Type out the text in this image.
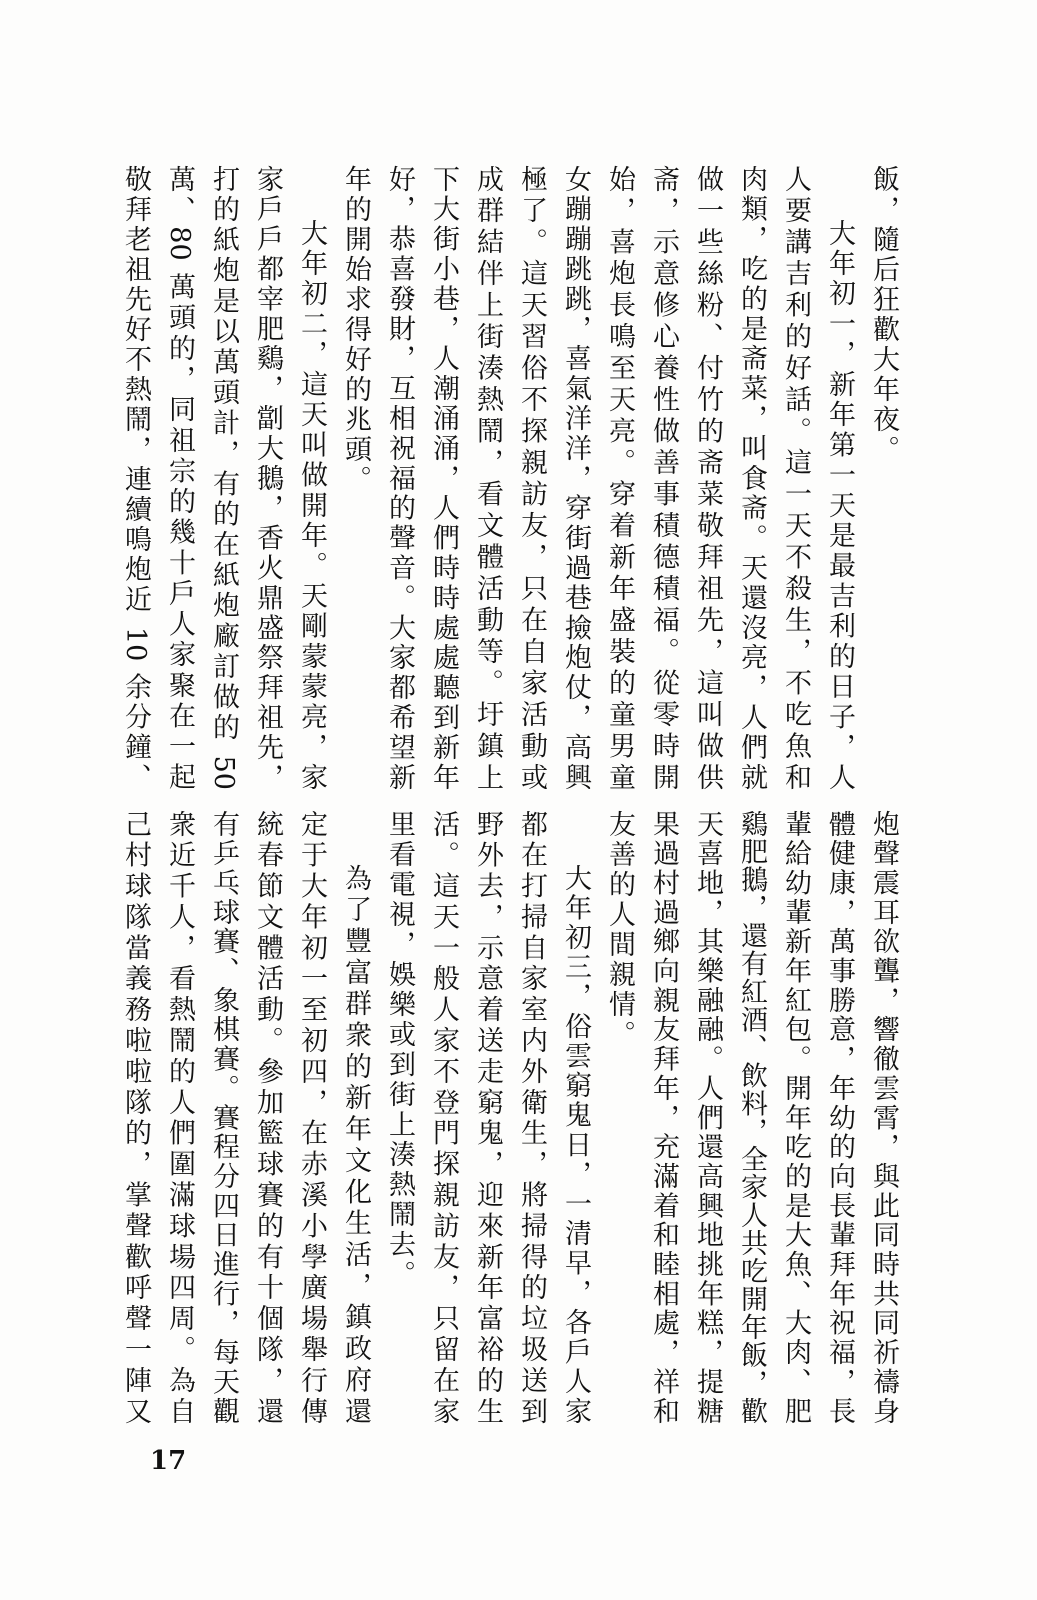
飯，隨后狂歡大年夜。
大年初一，新年第一天是最吉利的日子，人
人要講吉利的好話。這一天不殺生，不吃魚和
肉類，吃的是斋菜，叫食斋。天還沒亮，人們就
做一些絲粉、付竹的斋菜敬拜祖先，這叫做供
斋，示意修心養性做善事積德積福。從零時開
始，喜炮長鳴至天亮。穿着新年盛裝的童男童
女蹦蹦跳跳，喜氣洋洋，穿街過巷撿炮仗，高興
極了。這天習俗不探親訪友，只在自家活動或
成群結伴上街湊熱鬧，看文體活動等。圩鎮上
下大街小巷，人潮涌涌，人們時時處處聽到新年
好，恭喜發財，互相祝福的聲音。大家都希望新
年的開始求得好的兆頭。
大年初二，這天叫做開年。天剛蒙蒙亮，家
家戶戶都宰肥鷄，劏大鵝，香火鼎盛祭拜祖先，
打的紙炮是以萬頭計，有的在紙炮廠訂做的 50
萬、80 萬頭的，同祖宗的幾十戶人家聚在一起
敬拜老祖先好不熱鬧，連續鳴炮近 10 余分鐘、
炮聲震耳欲聾，響徹雲霄，與此同時共同祈禱身
體健康，萬事勝意，年幼的向長輩拜年祝福，長
輩給幼輩新年紅包。開年吃的是大魚、大肉、肥
鷄肥鵝，還有紅酒、飲料，全家人共吃開年飯，歡
天喜地，其樂融融。人們還高興地挑年糕，提糖
果過村過鄉向親友拜年，充滿着和睦相處，祥和
友善的人間親情。
大年初三，俗雲窮鬼日，一清早，各戶人家
都在打掃自家室内外衛生，將掃得的垃圾送到
野外去，示意着送走窮鬼，迎來新年富裕的生
活。這天一般人家不登門探親訪友，只留在家
里看電視，娛樂或到街上湊熱鬧去。
為了豐富群衆的新年文化生活，鎮政府還
定于大年初一至初四，在赤溪小學廣場舉行傳
統春節文體活動。參加籃球賽的有十個隊，還
有乒乓球賽、象棋賽。賽程分四日進行，每天觀
衆近千人，看熱鬧的人們圍滿球場四周。為自
己村球隊當義務啦啦隊的，掌聲歡呼聲一陣又
17
